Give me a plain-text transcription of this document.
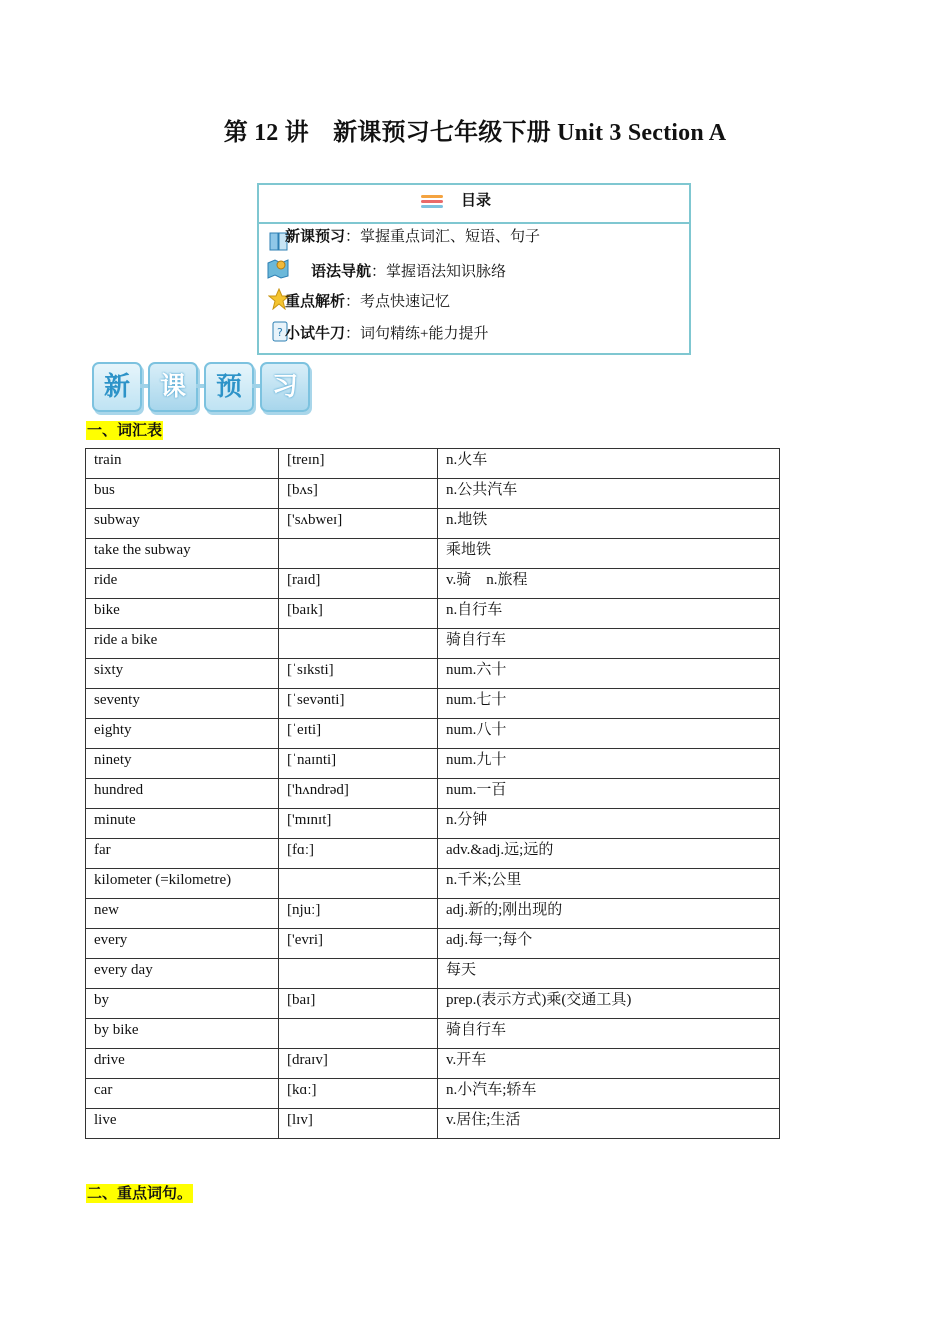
第 12 讲　新课预习七年级下册 Unit 3 Section A
目录
新课预习：掌握重点词汇、短语、句子
语法导航：掌握语法知识脉络
重点解析：考点快速记忆
? 小试牛刀：词句精练+能力提升
新	课	预	习
一、词汇表
train	[treɪn]	n.火车
bus	[bʌs]	n.公共汽车
subway	['sʌbweɪ]	n.地铁
take the subway		乘地铁
ride	[raɪd]	v.骑　n.旅程
bike	[baɪk]	n.自行车
ride a bike		骑自行车
sixty	[ˈsɪksti]	num.六十
seventy	[ˈsevənti]	num.七十
eighty	[ˈeɪti]	num.八十
ninety	[ˈnaɪnti]	num.九十
hundred	['hʌndrəd]	num.一百
minute	['mɪnɪt]	n.分钟
far	[fɑː]	adv.&adj.远;远的
kilometer (=kilometre)		n.千米;公里
new	[njuː]	adj.新的;刚出现的
every	['evri]	adj.每一;每个
every day		每天
by	[baɪ]	prep.(表示方式)乘(交通工具)
by bike		骑自行车
drive	[draɪv]	v.开车
car	[kɑː]	n.小汽车;轿车
live	[lɪv]	v.居住;生活
二、重点词句。
